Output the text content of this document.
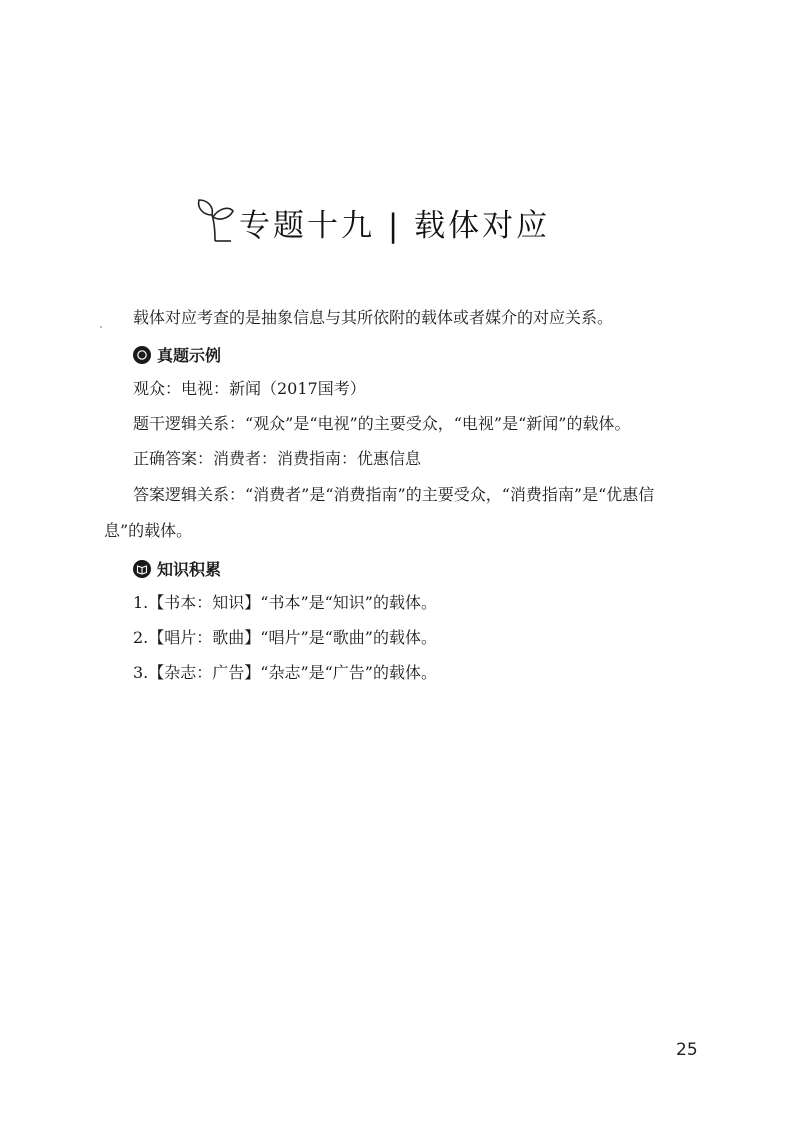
专题十九 | 载体对应
载体对应考查的是抽象信息与其所依附的载体或者媒介的对应关系。
真题示例
观众：电视：新闻（2017国考）
题干逻辑关系：“观众”是“电视”的主要受众，“电视”是“新闻”的载体。
正确答案：消费者：消费指南：优惠信息
答案逻辑关系：“消费者”是“消费指南”的主要受众，“消费指南”是“优惠信
息”的载体。
知识积累
1.【书本：知识】“书本”是“知识”的载体。
2.【唱片：歌曲】“唱片”是“歌曲”的载体。
3.【杂志：广告】“杂志”是“广告”的载体。
25
